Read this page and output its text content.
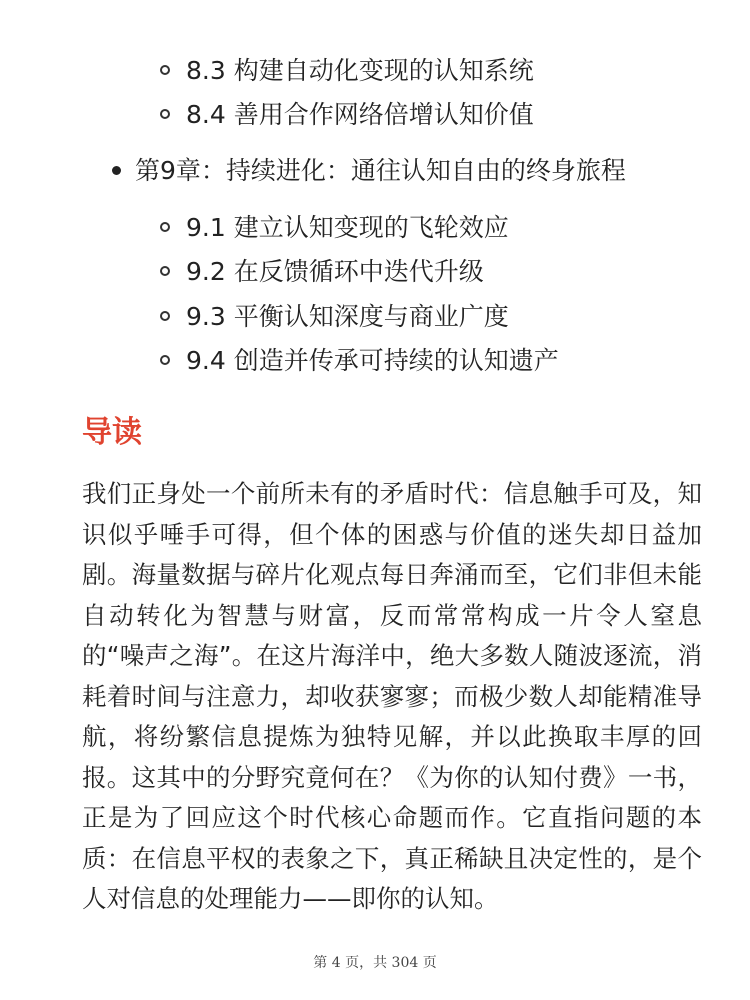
8.3 构建自动化变现的认知系统
8.4 善用合作网络倍增认知价值
第9章：持续进化：通往认知自由的终身旅程
9.1 建立认知变现的飞轮效应
9.2 在反馈循环中迭代升级
9.3 平衡认知深度与商业广度
9.4 创造并传承可持续的认知遗产
导读

我们正身处一个前所未有的矛盾时代：信息触手可及，知识似乎唾手可得，但个体的困惑与价值的迷失却日益加剧。海量数据与碎片化观点每日奔涌而至，它们非但未能自动转化为智慧与财富，反而常常构成一片令人窒息的“噪声之海”。在这片海洋中，绝大多数人随波逐流，消耗着时间与注意力，却收获寥寥；而极少数人却能精准导航，将纷繁信息提炼为独特见解，并以此换取丰厚的回报。这其中的分野究竟何在？《为你的认知付费》一书，正是为了回应这个时代核心命题而作。它直指问题的本质：在信息平权的表象之下，真正稀缺且决定性的，是个人对信息的处理能力——即你的认知。

第 4 页，共 304 页
